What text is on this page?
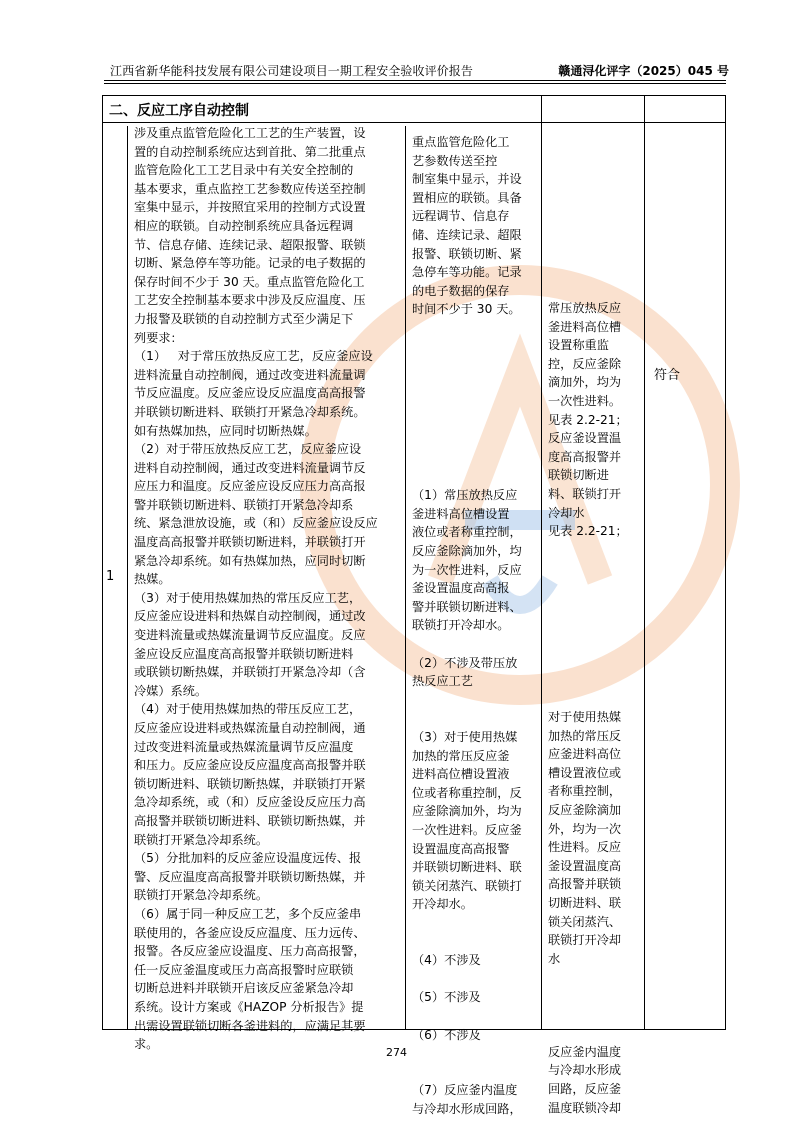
江西省新华能科技发展有限公司建设项目一期工程安全验收评价报告	赣通浔化评字（2025）045 号
二、反应工序自动控制
1
涉及重点监管危险化工工艺的生产装置，设
置的自动控制系统应达到首批、第二批重点
监管危险化工工艺目录中有关安全控制的
基本要求，重点监控工艺参数应传送至控制
室集中显示，并按照宜采用的控制方式设置
相应的联锁。自动控制系统应具备远程调
节、信息存储、连续记录、超限报警、联锁
切断、紧急停车等功能。记录的电子数据的
保存时间不少于 30 天。重点监管危险化工
工艺安全控制基本要求中涉及反应温度、压
力报警及联锁的自动控制方式至少满足下
列要求：
（1）   对于常压放热反应工艺，反应釜应设
进料流量自动控制阀，通过改变进料流量调
节反应温度。反应釜应设反应温度高高报警
并联锁切断进料、联锁打开紧急冷却系统。
如有热媒加热，应同时切断热媒。
（2）对于带压放热反应工艺，反应釜应设
进料自动控制阀，通过改变进料流量调节反
应压力和温度。反应釜应设反应压力高高报
警并联锁切断进料、联锁打开紧急冷却系
统、紧急泄放设施，或（和）反应釜应设反应
温度高高报警并联锁切断进料，并联锁打开
紧急冷却系统。如有热媒加热，应同时切断
热媒。
（3）对于使用热媒加热的常压反应工艺，
反应釜应设进料和热媒自动控制阀，通过改
变进料流量或热媒流量调节反应温度。反应
釜应设反应温度高高报警并联锁切断进料
或联锁切断热媒，并联锁打开紧急冷却（含
冷媒）系统。
（4）对于使用热媒加热的带压反应工艺，
反应釜应设进料或热媒流量自动控制阀，通
过改变进料流量或热媒流量调节反应温度
和压力。反应釜应设反应温度高高报警并联
锁切断进料、联锁切断热媒，并联锁打开紧
急冷却系统，或（和）反应釜设反应压力高
高报警并联锁切断进料、联锁切断热媒，并
联锁打开紧急冷却系统。
（5）分批加料的反应釜应设温度远传、报
警、反应温度高高报警并联锁切断热媒，并
联锁打开紧急冷却系统。
（6）属于同一种反应工艺，多个反应釜串
联使用的，各釜应设反应温度、压力远传、
报警。各反应釜应设温度、压力高高报警，
任一反应釜温度或压力高高报警时应联锁
切断总进料并联锁开启该反应釜紧急冷却
系统。设计方案或《HAZOP 分析报告》提
出需设置联锁切断各釜进料的，应满足其要
求。
重点监管危险化工
艺参数传送至控
制室集中显示，并设
置相应的联锁。具备
远程调节、信息存
储、连续记录、超限
报警、联锁切断、紧
急停车等功能。记录
的电子数据的保存
时间不少于 30 天。

（1）常压放热反应
釜进料高位槽设置
液位或者称重控制，
反应釜除滴加外，均
为一次性进料，反应
釜设置温度高高报
警并联锁切断进料、
联锁打开冷却水。

（2）不涉及带压放
热反应工艺

（3）对于使用热媒
加热的常压反应釜
进料高位槽设置液
位或者称重控制，反
应釜除滴加外，均为
一次性进料。反应釜
设置温度高高报警
并联锁切断进料、联
锁关闭蒸汽、联锁打
开冷却水。

（4）不涉及

（5）不涉及

（6）不涉及

（7）反应釜内温度
与冷却水形成回路，
常压放热反应
釜进料高位槽
设置称重监
控，反应釜除
滴加外，均为
一次性进料。
见表 2.2-21；
反应釜设置温
度高高报警并
联锁切断进
料、联锁打开
冷却水
见表 2.2-21；

对于使用热媒
加热的常压反
应釜进料高位
槽设置液位或
者称重控制，
反应釜除滴加
外，均为一次
性进料。反应
釜设置温度高
高报警并联锁
切断进料、联
锁关闭蒸汽、
联锁打开冷却
水

反应釜内温度
与冷却水形成
回路，反应釜
温度联锁冷却
符合
274
